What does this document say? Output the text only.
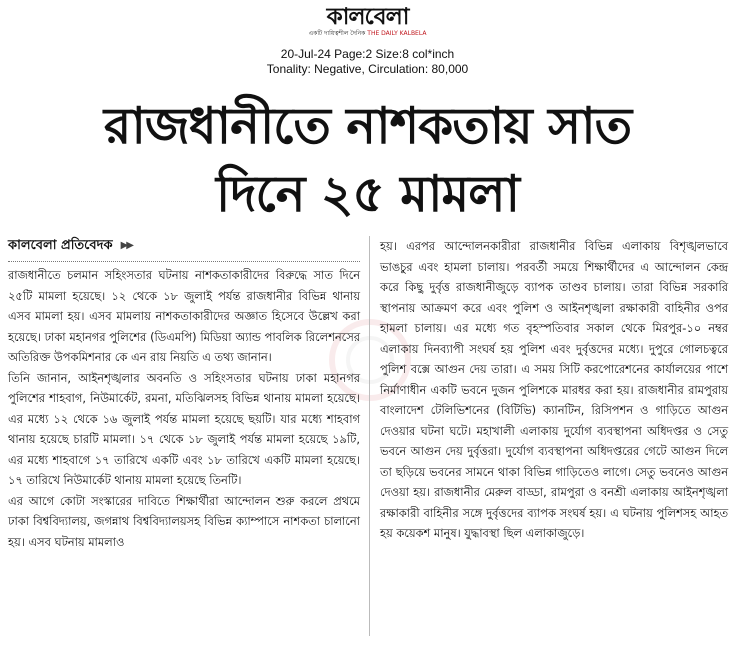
কালবেলা
একটি দায়িত্বশীল দৈনিক THE DAILY KALBELA
20-Jul-24 Page:2 Size:8 col*inch
Tonality: Negative, Circulation: 80,000
রাজধানীতে নাশকতায় সাত
দিনে ২৫ মামলা
কালবেলা প্রতিবেদক ▶▶

রাজধানীতে চলমান সহিংসতার ঘটনায় নাশকতাকারীদের বিরুদ্ধে সাত দিনে ২৫টি মামলা হয়েছে। ১২ থেকে ১৮ জুলাই পর্যন্ত রাজধানীর বিভিন্ন থানায় এসব মামলা হয়। এসব মামলায় নাশকতাকারীদের অজ্ঞাত হিসেবে উল্লেখ করা হয়েছে। ঢাকা মহানগর পুলিশের (ডিএমপি) মিডিয়া অ্যান্ড পাবলিক রিলেশনসের অতিরিক্ত উপকমিশনার কে এন রায় নিয়তি এ তথ্য জানান।

তিনি জানান, আইনশৃঙ্খলার অবনতি ও সহিংসতার ঘটনায় ঢাকা মহানগর পুলিশের শাহবাগ, নিউমার্কেট, রমনা, মতিঝিলসহ বিভিন্ন থানায় মামলা হয়েছে। এর মধ্যে ১২ থেকে ১৬ জুলাই পর্যন্ত মামলা হয়েছে ছয়টি। যার মধ্যে শাহবাগ থানায় হয়েছে চারটি মামলা। ১৭ থেকে ১৮ জুলাই পর্যন্ত মামলা হয়েছে ১৯টি, এর মধ্যে শাহবাগে ১৭ তারিখে একটি এবং ১৮ তারিখে একটি মামলা হয়েছে। ১৭ তারিখে নিউমার্কেট থানায় মামলা হয়েছে তিনটি।

এর আগে কোটা সংস্কারের দাবিতে শিক্ষার্থীরা আন্দোলন শুরু করলে প্রথমে ঢাকা বিশ্ববিদ্যালয়, জগন্নাথ বিশ্ববিদ্যালয়সহ বিভিন্ন ক্যাম্পাসে নাশকতা চালানো হয়। এসব ঘটনায় মামলাও

হয়। এরপর আন্দোলনকারীরা রাজধানীর বিভিন্ন এলাকায় বিশৃঙ্খলভাবে ভাঙচুর এবং হামলা চালায়। পরবর্তী সময়ে শিক্ষার্থীদের এ আন্দোলন কেন্দ্র করে কিছু দুর্বৃত্ত রাজধানীজুড়ে ব্যাপক তাণ্ডব চালায়। তারা বিভিন্ন সরকারি স্থাপনায় আক্রমণ করে এবং পুলিশ ও আইনশৃঙ্খলা রক্ষাকারী বাহিনীর ওপর হামলা চালায়। এর মধ্যে গত বৃহস্পতিবার সকাল থেকে মিরপুর-১০ নম্বর এলাকায় দিনব্যাপী সংঘর্ষ হয় পুলিশ এবং দুর্বৃত্তদের মধ্যে। দুপুরে গোলচত্বরে পুলিশ বক্সে আগুন দেয় তারা। এ সময় সিটি করপোরেশনের কার্যালয়ের পাশে নির্মাণাধীন একটি ভবনে দুজন পুলিশকে মারধর করা হয়। রাজধানীর রামপুরায় বাংলাদেশ টেলিভিশনের (বিটিভি) ক্যানটিন, রিসিপশন ও গাড়িতে আগুন দেওয়ার ঘটনা ঘটে। মহাখালী এলাকায় দুর্যোগ ব্যবস্থাপনা অধিদপ্তর ও সেতু ভবনে আগুন দেয় দুর্বৃত্তরা। দুর্যোগ ব্যবস্থাপনা অধিদপ্তরের গেটে আগুন দিলে তা ছড়িয়ে ভবনের সামনে থাকা বিভিন্ন গাড়িতেও লাগে। সেতু ভবনেও আগুন দেওয়া হয়। রাজধানীর মেরুল বাড্ডা, রামপুরা ও বনশ্রী এলাকায় আইনশৃঙ্খলা রক্ষাকারী বাহিনীর সঙ্গে দুর্বৃত্তদের ব্যাপক সংঘর্ষ হয়। এ ঘটনায় পুলিশসহ আহত হয় কয়েকশ মানুষ। যুদ্ধাবস্থা ছিল এলাকাজুড়ে।
